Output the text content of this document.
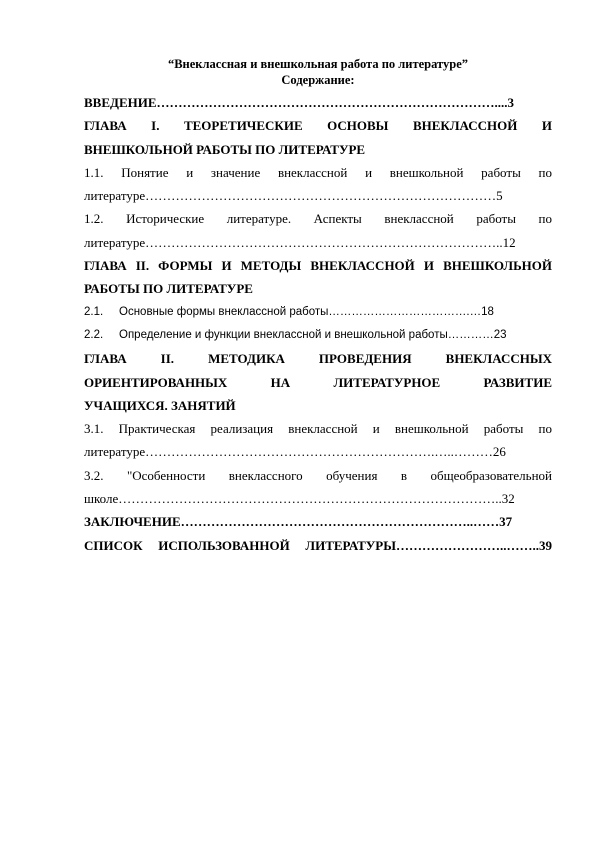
“Внеклассная и внешкольная работа по литературе”

Содержание:

ВВЕДЕНИЕ……………………………………………………………………....3
ГЛАВА I. ТЕОРЕТИЧЕСКИЕ ОСНОВЫ ВНЕКЛАССНОЙ И
ВНЕШКОЛЬНОЙ РАБОТЫ ПО ЛИТЕРАТУРЕ
1.1. Понятие и значение внеклассной и внешкольной работы по
литературе………………………………………………………………………5
1.2. Исторические литературе. Аспекты внеклассной работы по
литературе………………………………………………………………………..12
ГЛАВА II. ФОРМЫ И МЕТОДЫ ВНЕКЛАССНОЙ И ВНЕШКОЛЬНОЙ
РАБОТЫ ПО ЛИТЕРАТУРЕ
2.1. Основные формы внеклассной работы……………………………….…18
2.2. Определение и функции внеклассной и внешкольной работы…………23
ГЛАВА II. МЕТОДИКА ПРОВЕДЕНИЯ ВНЕКЛАССНЫХ
ОРИЕНТИРОВАННЫХ НА ЛИТЕРАТУРНОЕ РАЗВИТИЕ
УЧАЩИХСЯ. ЗАНЯТИЙ
3.1. Практическая реализация внеклассной и внешкольной работы по
литературе………………………………………………………….…..………26
3.2. "Особенности внеклассного обучения в общеобразовательной
школе……………………………………………………………………………..32
ЗАКЛЮЧЕНИЕ…………………………………………………………..……37
СПИСОК ИСПОЛЬЗОВАННОЙ ЛИТЕРАТУРЫ……………………..……..39
